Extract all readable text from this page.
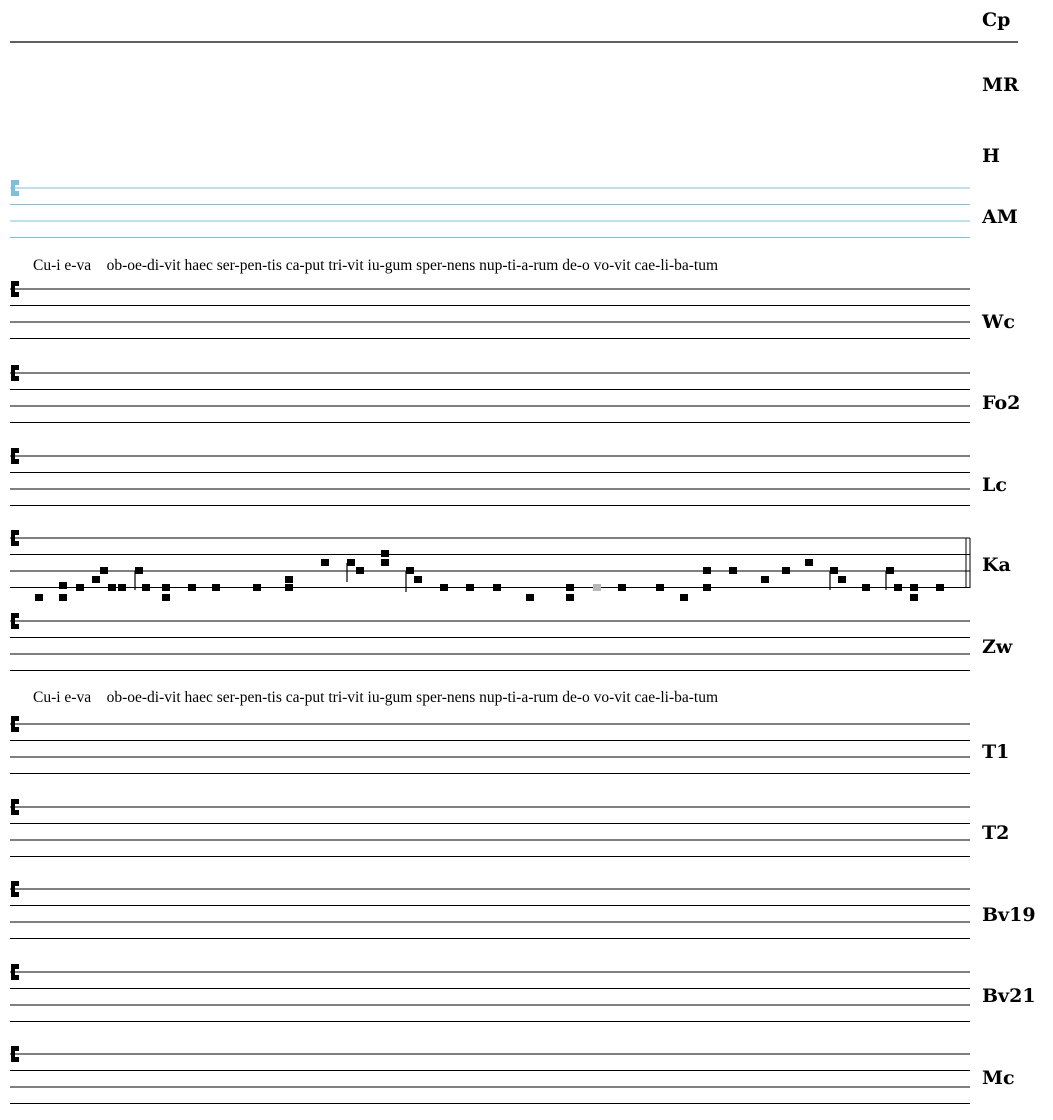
Cp
MR
H
AM
Wc
Fo2
Lc
Ka
Zw
T1
T2
Bv19
Bv21
Mc
Cu-i e-va    ob-oe-di-vit haec ser-pen-tis ca-put tri-vit iu-gum sper-nens nup-ti-a-rum de-o vo-vit cae-li-ba-tum
Cu-i e-va    ob-oe-di-vit haec ser-pen-tis ca-put tri-vit iu-gum sper-nens nup-ti-a-rum de-o vo-vit cae-li-ba-tum
